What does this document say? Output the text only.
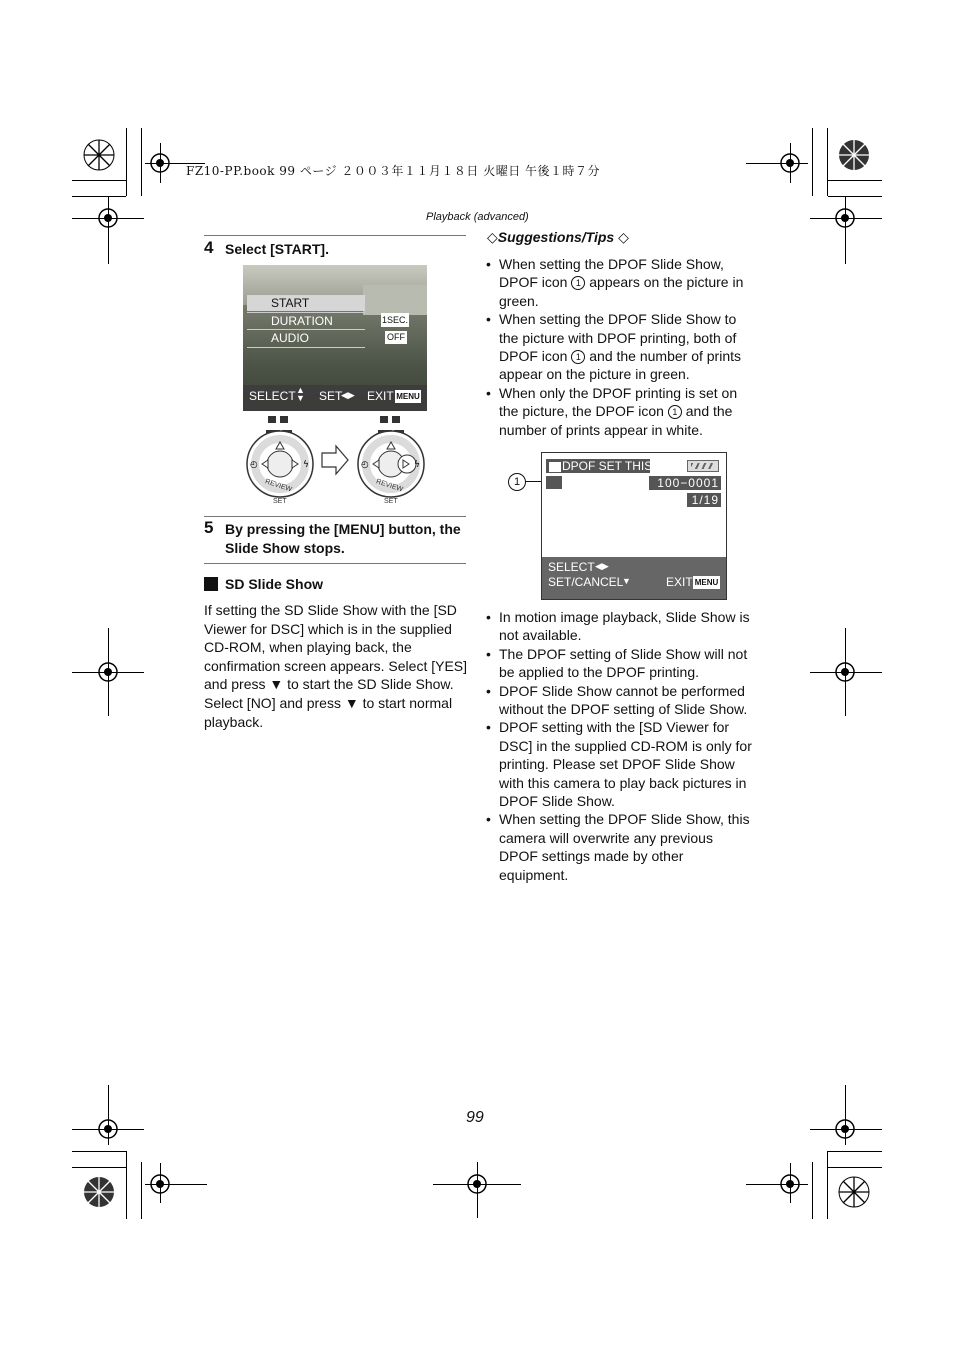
FZ10-PP.book 99 ページ ２００３年１１月１８日 火曜日 午後１時７分
Playback (advanced)
4 Select [START].
START
DURATION	1SEC.
AUDIO	OFF
SELECT ▲
▼ SET
◀▶ EXIT MENU
◴	ϟ
REVIEW
SET
◴	ϟ
REVIEW
SET
5 By pressing the [MENU] button, the Slide Show stops.
SD Slide Show
If setting the SD Slide Show with the [SD Viewer for DSC] which is in the supplied CD-ROM, when playing back, the confirmation screen appears. Select [YES] and press ▼ to start the SD Slide Show. Select [NO] and press ▼ to start normal playback.
◇Suggestions/Tips ◇
• When setting the DPOF Slide Show, DPOF icon 1 appears on the picture in green.
• When setting the DPOF Slide Show to the picture with DPOF printing, both of DPOF icon 1 and the number of prints appear on the picture in green.
• When only the DPOF printing is set on the picture, the DPOF icon 1 and the number of prints appear in white.
1
DPOF SET THIS
100−0001
1/19
SELECT ◀▶
SET/CANCEL
▼	EXIT MENU
• In motion image playback, Slide Show is not available.
• The DPOF setting of Slide Show will not be applied to the DPOF printing.
• DPOF Slide Show cannot be performed without the DPOF setting of Slide Show.
• DPOF setting with the [SD Viewer for DSC] in the supplied CD-ROM is only for printing. Please set DPOF Slide Show with this camera to play back pictures in DPOF Slide Show.
• When setting the DPOF Slide Show, this camera will overwrite any previous DPOF settings made by other equipment.
99
